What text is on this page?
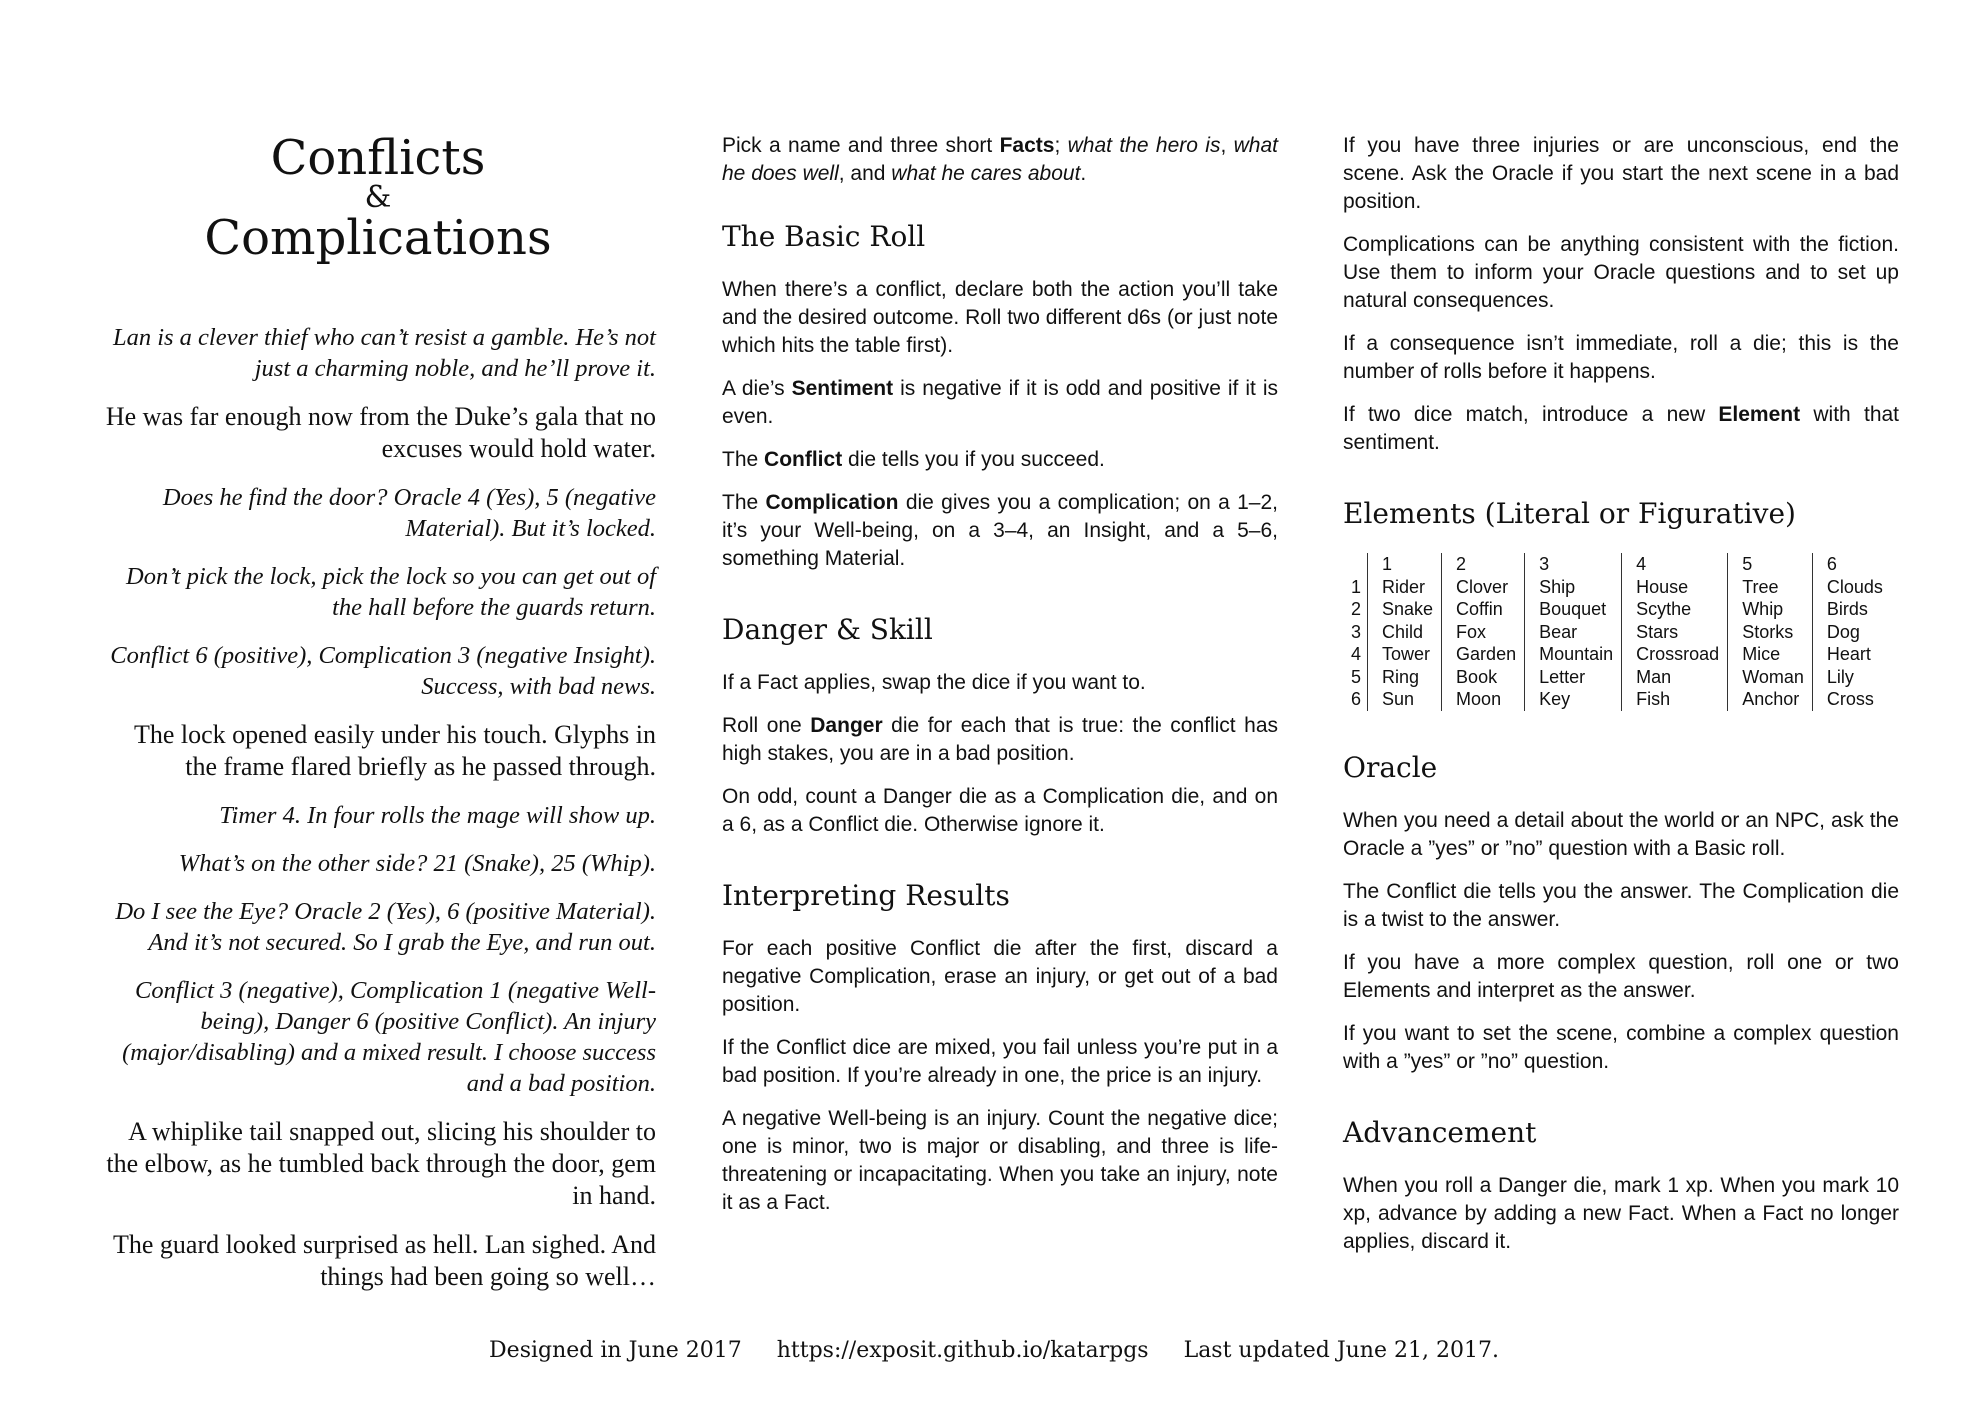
Conflicts
&
Complications

Lan is a clever thief who can’t resist a gamble. He’s not just a charming noble, and he’ll prove it.

He was far enough now from the Duke’s gala that no excuses would hold water.

Does he find the door? Oracle 4 (Yes), 5 (negative Material). But it’s locked.

Don’t pick the lock, pick the lock so you can get out of the hall before the guards return.

Conflict 6 (positive), Complication 3 (negative Insight). Success, with bad news.

The lock opened easily under his touch. Glyphs in the frame flared briefly as he passed through.

Timer 4. In four rolls the mage will show up.

What’s on the other side? 21 (Snake), 25 (Whip).

Do I see the Eye? Oracle 2 (Yes), 6 (positive Material). And it’s not secured. So I grab the Eye, and run out.

Conflict 3 (negative), Complication 1 (negative Well-being), Danger 6 (positive Conflict). An injury (major/disabling) and a mixed result. I choose success and a bad position.

A whiplike tail snapped out, slicing his shoulder to the elbow, as he tumbled back through the door, gem in hand.

The guard looked surprised as hell. Lan sighed. And things had been going so well…

Pick a name and three short Facts; what the hero is, what he does well, and what he cares about.

The Basic Roll

When there’s a conflict, declare both the action you’ll take and the desired outcome. Roll two different d6s (or just note which hits the table first).

A die’s Sentiment is negative if it is odd and positive if it is even.

The Conflict die tells you if you succeed.

The Complication die gives you a complication; on a 1–2, it’s your Well-being, on a 3–4, an Insight, and a 5–6, something Material.

Danger & Skill

If a Fact applies, swap the dice if you want to.

Roll one Danger die for each that is true: the conflict has high stakes, you are in a bad position.

On odd, count a Danger die as a Complication die, and on a 6, as a Conflict die. Otherwise ignore it.

Interpreting Results

For each positive Conflict die after the first, discard a negative Complication, erase an injury, or get out of a bad position.

If the Conflict dice are mixed, you fail unless you’re put in a bad position. If you’re already in one, the price is an injury.

A negative Well-being is an injury. Count the negative dice; one is minor, two is major or disabling, and three is life-threatening or incapacitating. When you take an injury, note it as a Fact.

If you have three injuries or are unconscious, end the scene. Ask the Oracle if you start the next scene in a bad position.

Complications can be anything consistent with the fiction. Use them to inform your Oracle questions and to set up natural consequences.

If a consequence isn’t immediate, roll a die; this is the number of rolls before it happens.

If two dice match, introduce a new Element with that sentiment.

Elements (Literal or Figurative)
	1	2	3	4	5	6
1	Rider	Clover	Ship	House	Tree	Clouds
2	Snake	Coffin	Bouquet	Scythe	Whip	Birds
3	Child	Fox	Bear	Stars	Storks	Dog
4	Tower	Garden	Mountain	Crossroad	Mice	Heart
5	Ring	Book	Letter	Man	Woman	Lily
6	Sun	Moon	Key	Fish	Anchor	Cross
Oracle

When you need a detail about the world or an NPC, ask the Oracle a ”yes” or ”no” question with a Basic roll.

The Conflict die tells you the answer. The Complication die is a twist to the answer.

If you have a more complex question, roll one or two Elements and interpret as the answer.

If you want to set the scene, combine a complex question with a ”yes” or ”no” question.

Advancement

When you roll a Danger die, mark 1 xp. When you mark 10 xp, advance by adding a new Fact. When a Fact no longer applies, discard it.

Designed in June 2017 https://exposit.github.io/katarpgs Last updated June 21, 2017.
